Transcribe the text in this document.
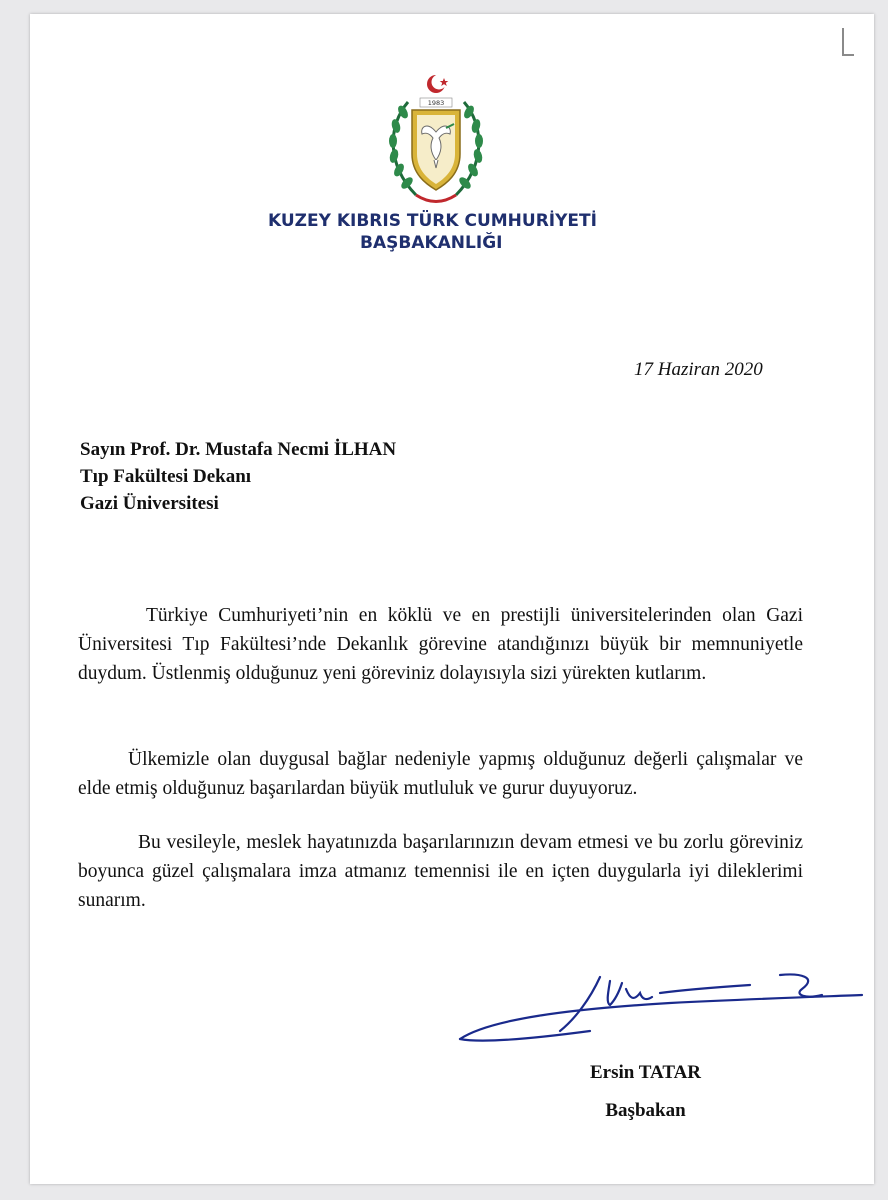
1983
KUZEY KIBRIS TÜRK CUMHURİYETİ
BAŞBAKANLIĞI
17 Haziran 2020
Sayın Prof. Dr. Mustafa Necmi İLHAN
Tıp Fakültesi Dekanı
Gazi Üniversitesi

Türkiye Cumhuriyeti’nin en köklü ve en prestijli üniversitelerinden olan Gazi Üniversitesi Tıp Fakültesi’nde Dekanlık görevine atandığınızı büyük bir memnuniyetle duydum. Üstlenmiş olduğunuz yeni göreviniz dolayısıyla sizi yürekten kutlarım.

Ülkemizle olan duygusal bağlar nedeniyle yapmış olduğunuz değerli çalışmalar ve elde etmiş olduğunuz başarılardan büyük mutluluk ve gurur duyuyoruz.

Bu vesileyle, meslek hayatınızda başarılarınızın devam etmesi ve bu zorlu göreviniz boyunca güzel çalışmalara imza atmanız temennisi ile en içten duygularla iyi dileklerimi sunarım.

Ersin TATAR
Başbakan
